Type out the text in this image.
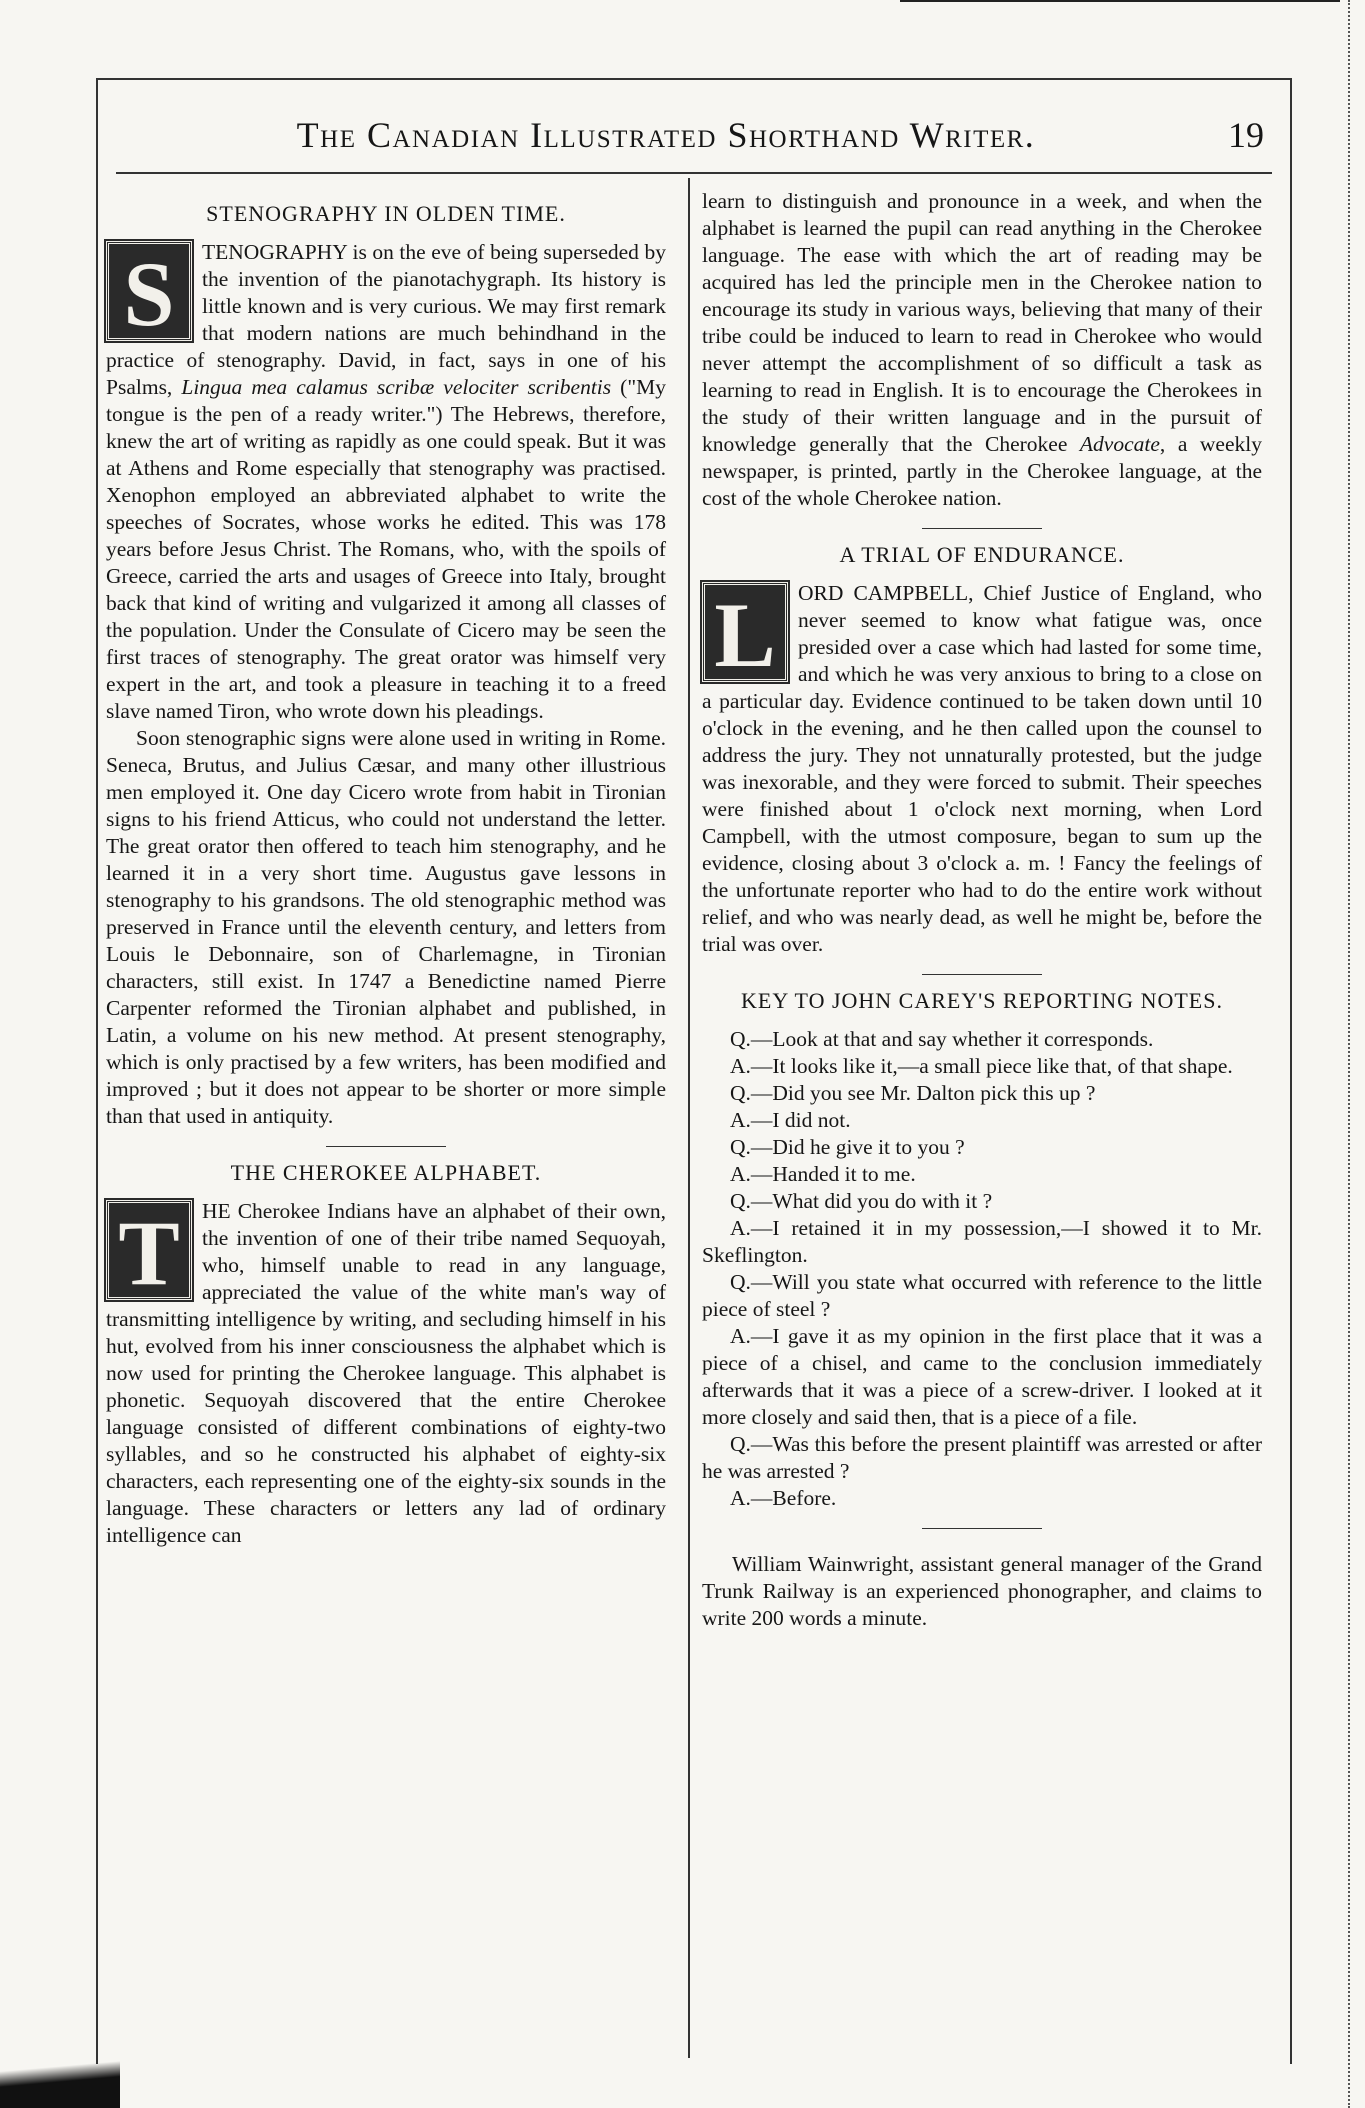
The Canadian Illustrated Shorthand Writer.	19
STENOGRAPHY IN OLDEN TIME.

S	TENOGRAPHY is on the eve of being superseded by the invention of the pianotachygraph. Its history is little known and is very curious. We may first remark that modern nations are much behindhand in the practice of stenography. David, in fact, says in one of his Psalms, Lingua mea calamus scribæ velociter scribentis ("My tongue is the pen of a ready writer.") The Hebrews, therefore, knew the art of writing as rapidly as one could speak. But it was at Athens and Rome especially that stenography was practised. Xenophon employed an abbreviated alphabet to write the speeches of Socrates, whose works he edited. This was 178 years before Jesus Christ. The Romans, who, with the spoils of Greece, carried the arts and usages of Greece into Italy, brought back that kind of writing and vulgarized it among all classes of the population. Under the Consulate of Cicero may be seen the first traces of stenography. The great orator was himself very expert in the art, and took a pleasure in teaching it to a freed slave named Tiron, who wrote down his pleadings.

Soon stenographic signs were alone used in writing in Rome. Seneca, Brutus, and Julius Cæsar, and many other illustrious men employed it. One day Cicero wrote from habit in Tironian signs to his friend Atticus, who could not understand the letter. The great orator then offered to teach him stenography, and he learned it in a very short time. Augustus gave lessons in stenography to his grandsons. The old stenographic method was preserved in France until the eleventh century, and letters from Louis le Debonnaire, son of Charlemagne, in Tironian characters, still exist. In 1747 a Benedictine named Pierre Carpenter reformed the Tironian alphabet and published, in Latin, a volume on his new method. At present stenography, which is only practised by a few writers, has been modified and improved ; but it does not appear to be shorter or more simple than that used in antiquity.

THE CHEROKEE ALPHABET.

T	HE Cherokee Indians have an alphabet of their own, the invention of one of their tribe named Sequoyah, who, himself unable to read in any language, appreciated the value of the white man's way of transmitting intelligence by writing, and secluding himself in his hut, evolved from his inner consciousness the alphabet which is now used for printing the Cherokee language. This alphabet is phonetic. Sequoyah discovered that the entire Cherokee language consisted of different combinations of eighty-two syllables, and so he constructed his alphabet of eighty-six characters, each representing one of the eighty-six sounds in the language. These characters or letters any lad of ordinary intelligence can

learn to distinguish and pronounce in a week, and when the alphabet is learned the pupil can read anything in the Cherokee language. The ease with which the art of reading may be acquired has led the principle men in the Cherokee nation to encourage its study in various ways, believing that many of their tribe could be induced to learn to read in Cherokee who would never attempt the accomplishment of so difficult a task as learning to read in English. It is to encourage the Cherokees in the study of their written language and in the pursuit of knowledge generally that the Cherokee Advocate, a weekly newspaper, is printed, partly in the Cherokee language, at the cost of the whole Cherokee nation.

A TRIAL OF ENDURANCE.

L	ORD CAMPBELL, Chief Justice of England, who never seemed to know what fatigue was, once presided over a case which had lasted for some time, and which he was very anxious to bring to a close on a particular day. Evidence continued to be taken down until 10 o'clock in the evening, and he then called upon the counsel to address the jury. They not unnaturally protested, but the judge was inexorable, and they were forced to submit. Their speeches were finished about 1 o'clock next morning, when Lord Campbell, with the utmost composure, began to sum up the evidence, closing about 3 o'clock a. m. ! Fancy the feelings of the unfortunate reporter who had to do the entire work without relief, and who was nearly dead, as well he might be, before the trial was over.

KEY TO JOHN CAREY'S REPORTING NOTES.

Q.—Look at that and say whether it corresponds.

A.—It looks like it,—a small piece like that, of that shape.

Q.—Did you see Mr. Dalton pick this up ?

A.—I did not.

Q.—Did he give it to you ?

A.—Handed it to me.

Q.—What did you do with it ?

A.—I retained it in my possession,—I showed it to Mr. Skeflington.

Q.—Will you state what occurred with reference to the little piece of steel ?

A.—I gave it as my opinion in the first place that it was a piece of a chisel, and came to the conclusion immediately afterwards that it was a piece of a screw-driver. I looked at it more closely and said then, that is a piece of a file.

Q.—Was this before the present plaintiff was arrested or after he was arrested ?

A.—Before.

William Wainwright, assistant general manager of the Grand Trunk Railway is an experienced phonographer, and claims to write 200 words a minute.
